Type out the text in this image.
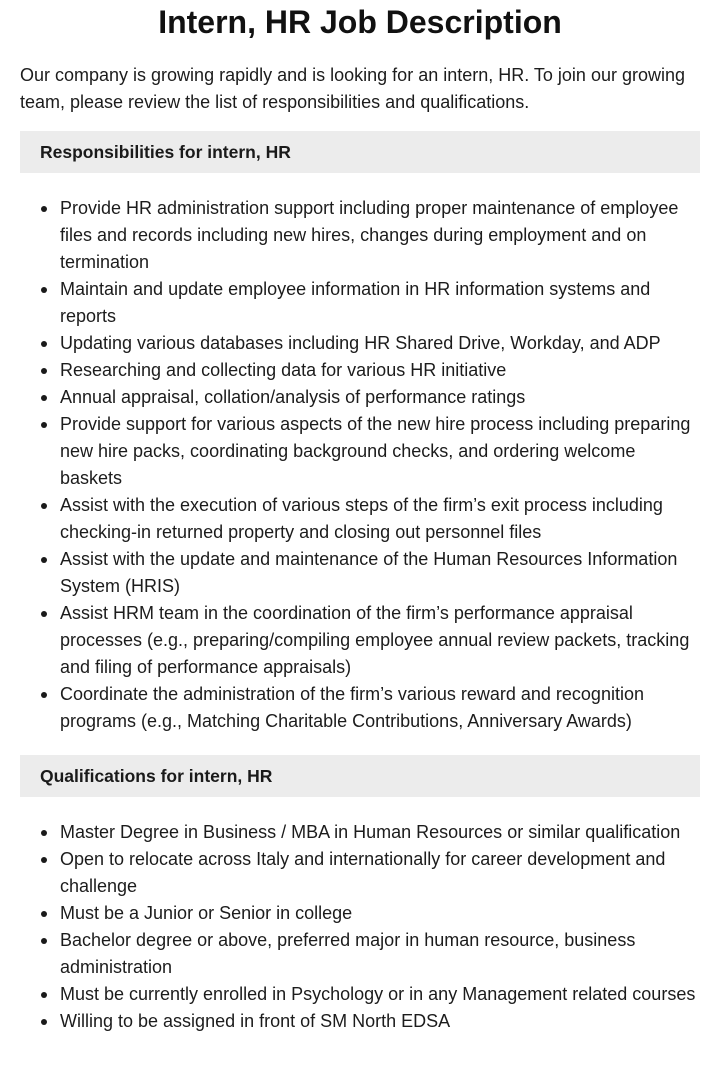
Intern, HR Job Description

Our company is growing rapidly and is looking for an intern, HR. To join our growing team, please review the list of responsibilities and qualifications.

Responsibilities for intern, HR
Provide HR administration support including proper maintenance of employee files and records including new hires, changes during employment and on termination
Maintain and update employee information in HR information systems and reports
Updating various databases including HR Shared Drive, Workday, and ADP
Researching and collecting data for various HR initiative
Annual appraisal, collation/analysis of performance ratings
Provide support for various aspects of the new hire process including preparing new hire packs, coordinating background checks, and ordering welcome baskets
Assist with the execution of various steps of the firm’s exit process including checking-in returned property and closing out personnel files
Assist with the update and maintenance of the Human Resources Information System (HRIS)
Assist HRM team in the coordination of the firm’s performance appraisal processes (e.g., preparing/compiling employee annual review packets, tracking and filing of performance appraisals)
Coordinate the administration of the firm’s various reward and recognition programs (e.g., Matching Charitable Contributions, Anniversary Awards)
Qualifications for intern, HR
Master Degree in Business / MBA in Human Resources or similar qualification
Open to relocate across Italy and internationally for career development and challenge
Must be a Junior or Senior in college
Bachelor degree or above, preferred major in human resource, business administration
Must be currently enrolled in Psychology or in any Management related courses
Willing to be assigned in front of SM North EDSA
